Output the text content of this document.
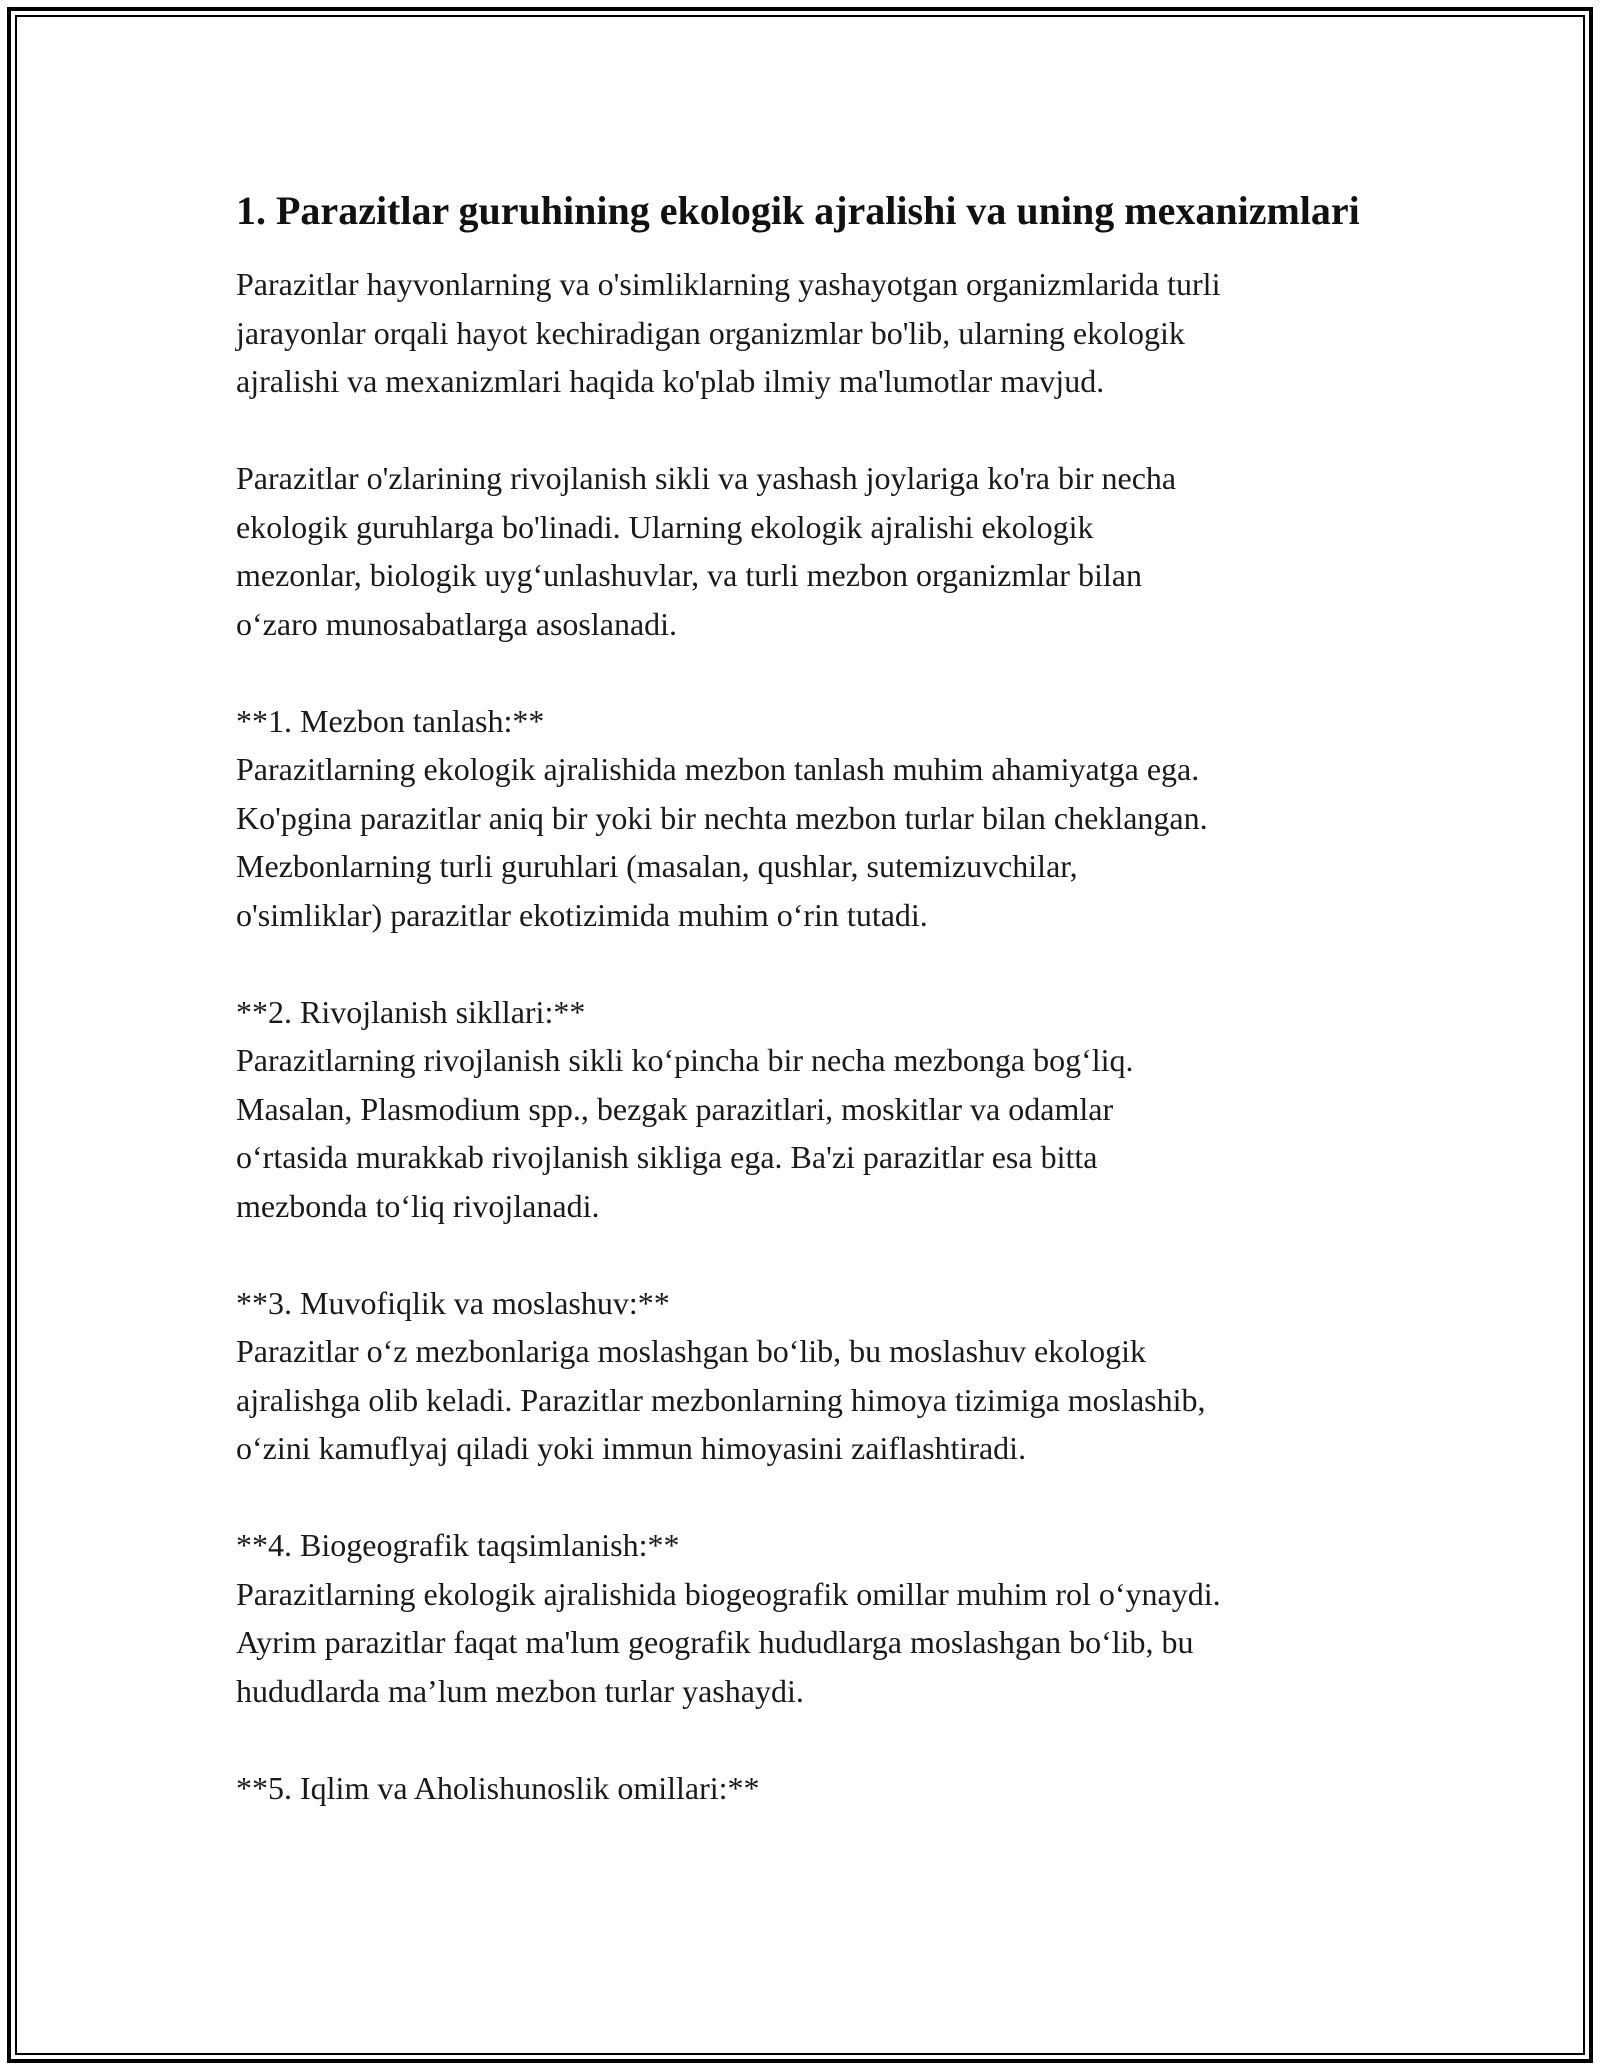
1. Parazitlar guruhining ekologik ajralishi va uning mexanizmlari

Parazitlar hayvonlarning va o'simliklarning yashayotgan organizmlarida turli
jarayonlar orqali hayot kechiradigan organizmlar bo'lib, ularning ekologik
ajralishi va mexanizmlari haqida ko'plab ilmiy ma'lumotlar mavjud.

Parazitlar o'zlarining rivojlanish sikli va yashash joylariga ko'ra bir necha
ekologik guruhlarga bo'linadi. Ularning ekologik ajralishi ekologik
mezonlar, biologik uyg‘unlashuvlar, va turli mezbon organizmlar bilan
o‘zaro munosabatlarga asoslanadi.

**1. Mezbon tanlash:**

Parazitlarning ekologik ajralishida mezbon tanlash muhim ahamiyatga ega.
Ko'pgina parazitlar aniq bir yoki bir nechta mezbon turlar bilan cheklangan.
Mezbonlarning turli guruhlari (masalan, qushlar, sutemizuvchilar,
o'simliklar) parazitlar ekotizimida muhim o‘rin tutadi.

**2. Rivojlanish sikllari:**

Parazitlarning rivojlanish sikli ko‘pincha bir necha mezbonga bog‘liq.
Masalan, Plasmodium spp., bezgak parazitlari, moskitlar va odamlar
o‘rtasida murakkab rivojlanish sikliga ega. Ba'zi parazitlar esa bitta
mezbonda to‘liq rivojlanadi.

**3. Muvofiqlik va moslashuv:**

Parazitlar o‘z mezbonlariga moslashgan bo‘lib, bu moslashuv ekologik
ajralishga olib keladi. Parazitlar mezbonlarning himoya tizimiga moslashib,
o‘zini kamuflyaj qiladi yoki immun himoyasini zaiflashtiradi.

**4. Biogeografik taqsimlanish:**

Parazitlarning ekologik ajralishida biogeografik omillar muhim rol o‘ynaydi.
Ayrim parazitlar faqat ma'lum geografik hududlarga moslashgan bo‘lib, bu
hududlarda ma’lum mezbon turlar yashaydi.

**5. Iqlim va Aholishunoslik omillari:**
